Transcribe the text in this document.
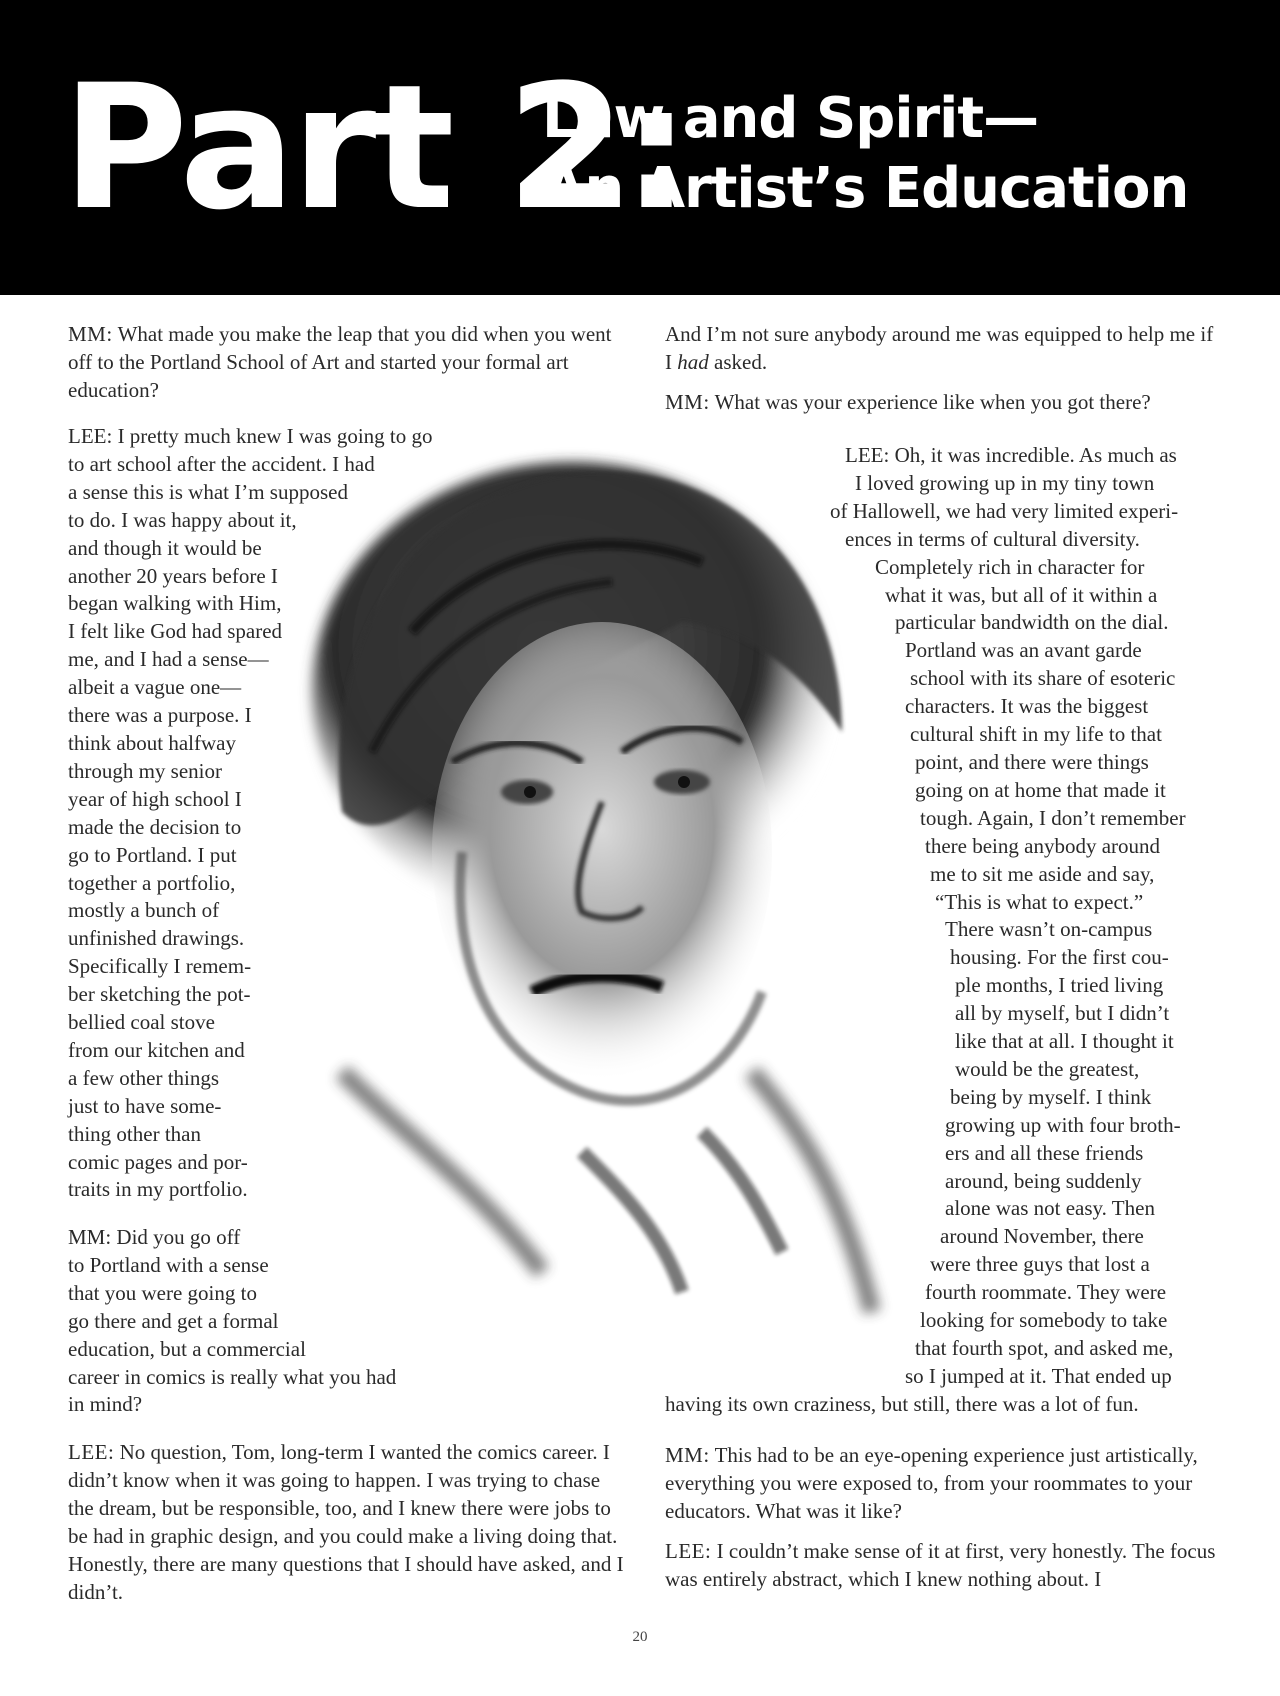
Part 2:
Law and Spirit—
An Artist’s Education

MM: What made you make the leap that you did when you went off to the Portland School of Art and started your formal art education?

LEE: I pretty much knew I was going to go
to art school after the accident. I had
a sense this is what I’m supposed
to do. I was happy about it,
and though it would be
another 20 years before I
began walking with Him,
I felt like God had spared
me, and I had a sense—
albeit a vague one—
there was a purpose. I
think about halfway
through my senior
year of high school I
made the decision to
go to Portland. I put
together a portfolio,
mostly a bunch of
unfinished drawings.
Specifically I remem-
ber sketching the pot-
bellied coal stove
from our kitchen and
a few other things
just to have some-
thing other than
comic pages and por-
traits in my portfolio.
MM: Did you go off
to Portland with a sense
that you were going to
go there and get a formal
education, but a commercial
career in comics is really what you had
in mind?

LEE: No question, Tom, long-term I wanted the comics career. I didn’t know when it was going to happen. I was trying to chase the dream, but be responsible, too, and I knew there were jobs to be had in graphic design, and you could make a living doing that. Honestly, there are many questions that I should have asked, and I didn’t.

And I’m not sure anybody around me was equipped to help me if I had asked.

MM: What was your experience like when you got there?

LEE: Oh, it was incredible. As much as
I loved growing up in my tiny town
of Hallowell, we had very limited experi-
ences in terms of cultural diversity.
Completely rich in character for
what it was, but all of it within a
particular bandwidth on the dial.
Portland was an avant garde
school with its share of esoteric
characters. It was the biggest
cultural shift in my life to that
point, and there were things
going on at home that made it
tough. Again, I don’t remember
there being anybody around
me to sit me aside and say,
“This is what to expect.”
There wasn’t on-campus
housing. For the first cou-
ple months, I tried living
all by myself, but I didn’t
like that at all. I thought it
would be the greatest,
being by myself. I think
growing up with four broth-
ers and all these friends
around, being suddenly
alone was not easy. Then
around November, there
were three guys that lost a
fourth roommate. They were
looking for somebody to take
that fourth spot, and asked me,
so I jumped at it. That ended up
having its own craziness, but still, there was a lot of fun.

MM: This had to be an eye-opening experience just artistically, everything you were exposed to, from your roommates to your educators. What was it like?

LEE: I couldn’t make sense of it at first, very honestly. The focus was entirely abstract, which I knew nothing about. I

20
